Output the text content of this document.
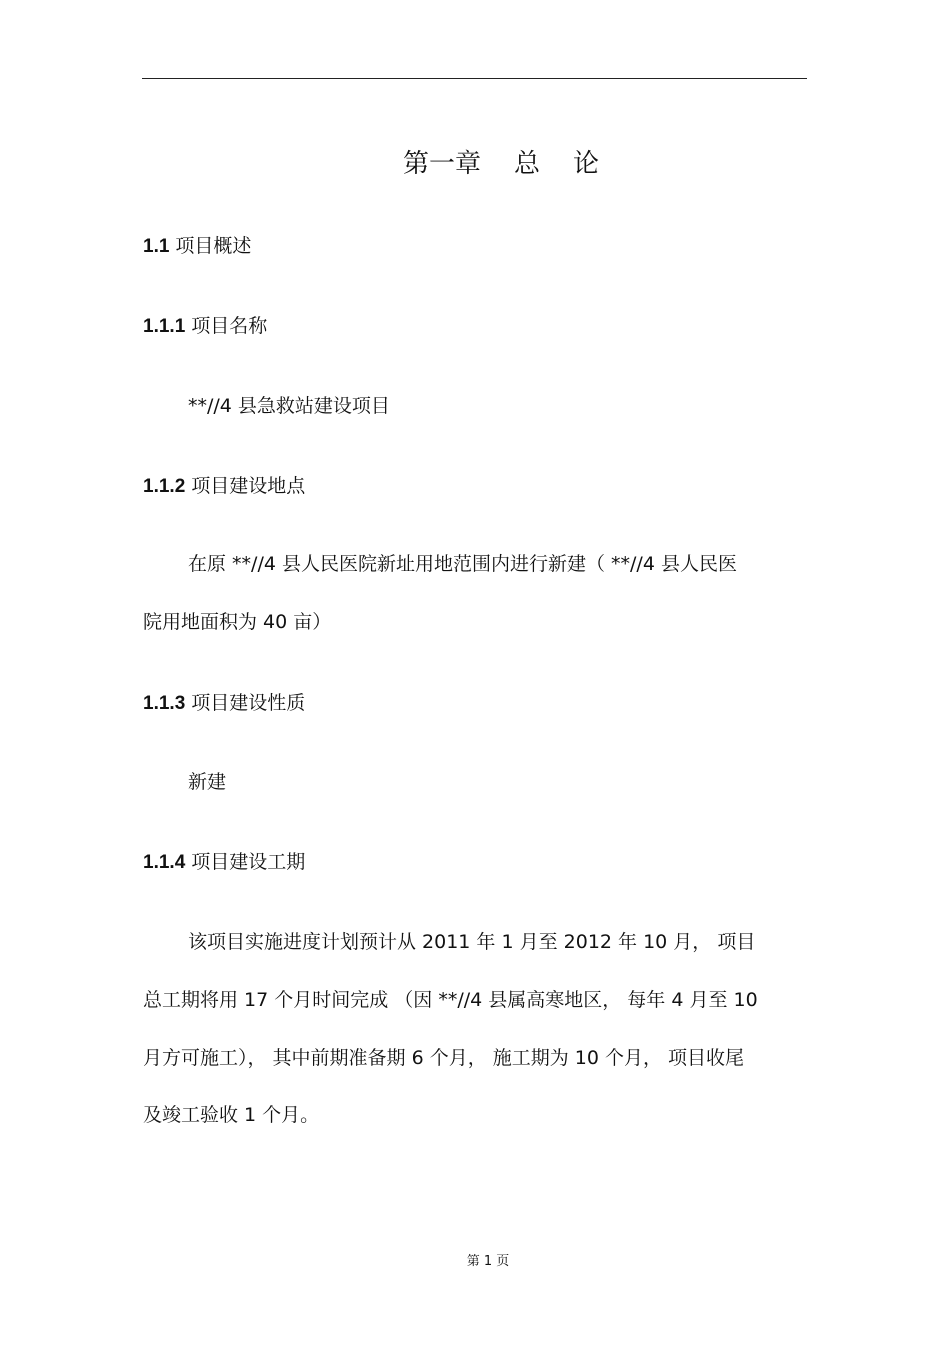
第一章    总    论
1.1 项目概述
1.1.1 项目名称
**//4 县急救站建设项目
1.1.2 项目建设地点
在原 **//4 县人民医院新址用地范围内进行新建（ **//4 县人民医
院用地面积为 40 亩）
1.1.3 项目建设性质
新建
1.1.4 项目建设工期
该项目实施进度计划预计从 2011 年 1 月至 2012 年 10 月， 项目
总工期将用 17 个月时间完成 （因 **//4 县属高寒地区， 每年 4 月至 10
月方可施工）， 其中前期准备期 6 个月， 施工期为 10 个月， 项目收尾
及竣工验收 1 个月。
第 1 页
